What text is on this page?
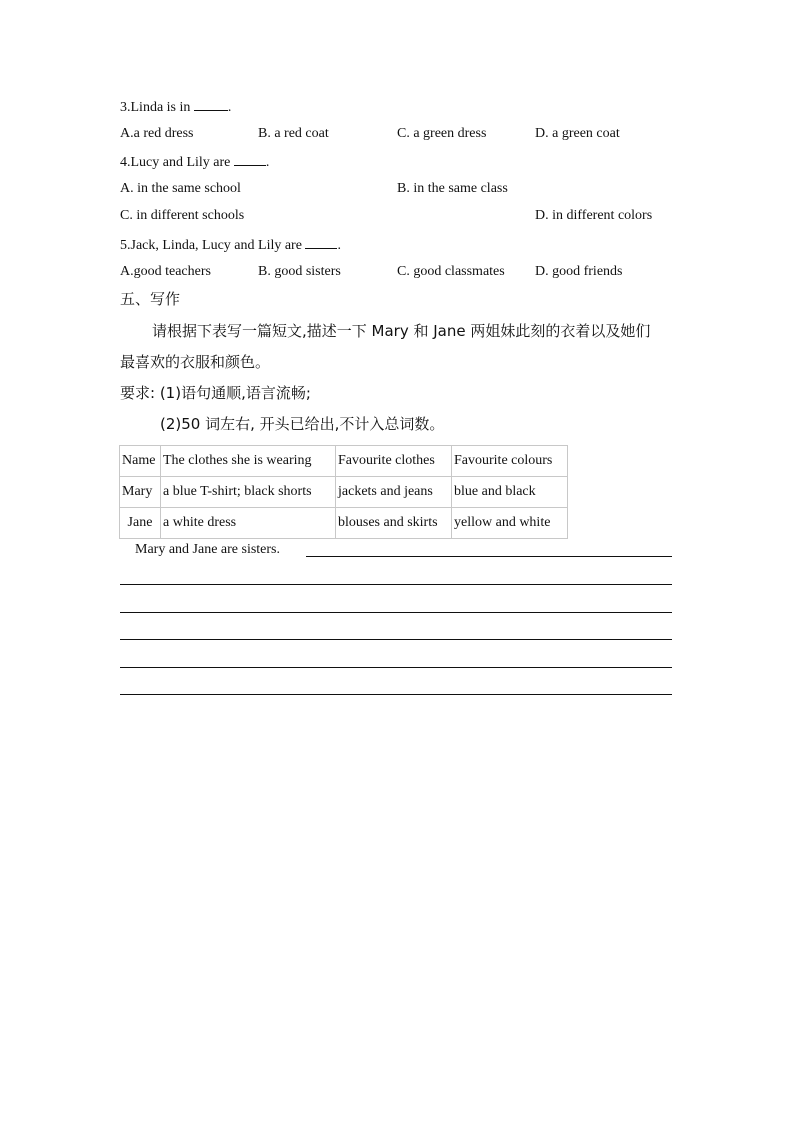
3.Linda is in	.
A.a red dress	B. a red coat	C. a green dress	D. a green coat
4.Lucy and Lily are	.
A. in the same school	B. in the same class
C. in different schools	D. in different colors
5.Jack, Linda, Lucy and Lily are	.
A.good teachers	B. good sisters	C. good classmates D. good friends
五、写作
请根据下表写一篇短文,描述一下 Mary 和 Jane 两姐妹此刻的衣着以及她们
最喜欢的衣服和颜色。
要求: (1)语句通顺,语言流畅;
(2)50 词左右, 开头已给出,不计入总词数。
Name	The clothes she is wearing	Favourite clothes	Favourite colours
Mary	a blue T-shirt; black shorts	jackets and jeans	blue and black
Jane	a white dress	blouses and skirts	yellow and white
Mary and Jane are sisters.
